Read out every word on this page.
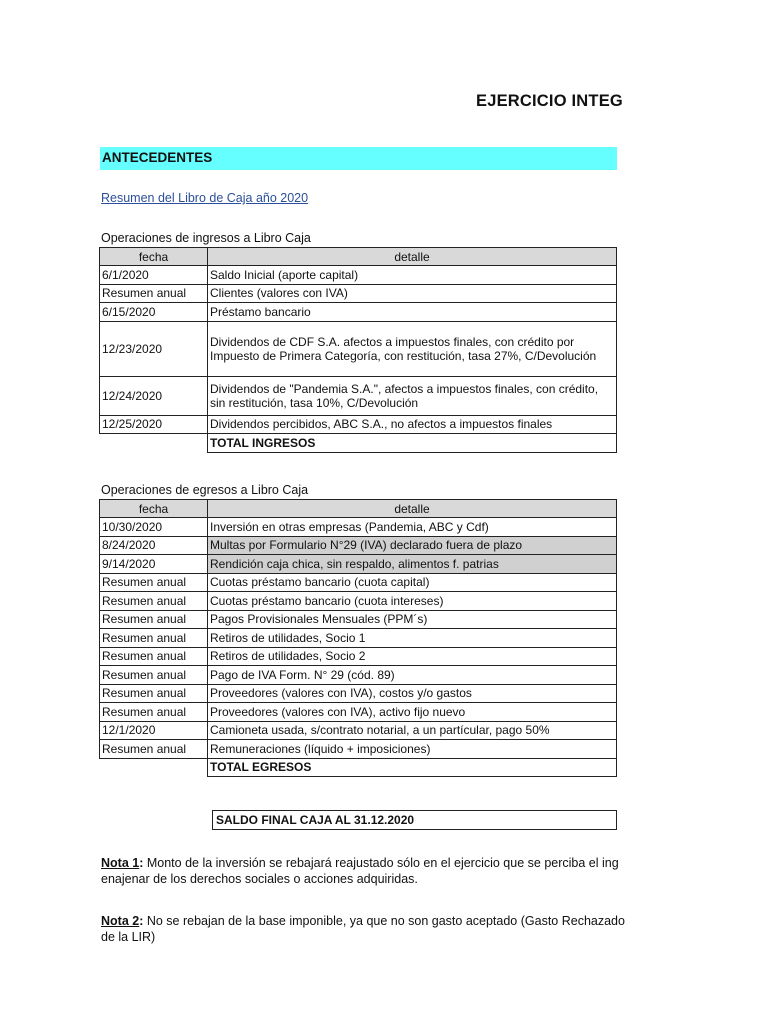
EJERCICIO INTEG
ANTECEDENTES
Resumen del Libro de Caja año 2020
Operaciones de ingresos a Libro Caja
fecha	detalle
6/1/2020	Saldo Inicial (aporte capital)
Resumen anual	Clientes (valores con IVA)
6/15/2020	Préstamo bancario
12/23/2020	Dividendos de CDF S.A. afectos a impuestos finales, con crédito por Impuesto de Primera Categoría, con restitución, tasa 27%, C/Devolución
12/24/2020	Dividendos de "Pandemia S.A.", afectos a impuestos finales, con crédito, sin restitución, tasa 10%, C/Devolución
12/25/2020	Dividendos percibidos, ABC S.A., no afectos a impuestos finales
	TOTAL INGRESOS
Operaciones de egresos a Libro Caja
fecha	detalle
10/30/2020	Inversión en otras empresas (Pandemia, ABC y Cdf)
8/24/2020	Multas por Formulario N°29 (IVA) declarado fuera de plazo
9/14/2020	Rendición caja chica, sin respaldo, alimentos f. patrias
Resumen anual	Cuotas préstamo bancario (cuota capital)
Resumen anual	Cuotas préstamo bancario (cuota intereses)
Resumen anual	Pagos Provisionales Mensuales (PPM´s)
Resumen anual	Retiros de utilidades, Socio 1
Resumen anual	Retiros de utilidades, Socio 2
Resumen anual	Pago de IVA Form. N° 29 (cód. 89)
Resumen anual	Proveedores (valores con IVA), costos y/o gastos
Resumen anual	Proveedores (valores con IVA), activo fijo nuevo
12/1/2020	Camioneta usada, s/contrato notarial, a un partícular, pago 50%
Resumen anual	Remuneraciones (líquido + imposiciones)
	TOTAL EGRESOS
SALDO FINAL CAJA AL 31.12.2020
Nota 1: Monto de la inversión se rebajará reajustado sólo en el ejercicio que se perciba el ing
enajenar de los derechos sociales o acciones adquiridas.
Nota 2: No se rebajan de la base imponible, ya que no son gasto aceptado (Gasto Rechazado
de la LIR)
